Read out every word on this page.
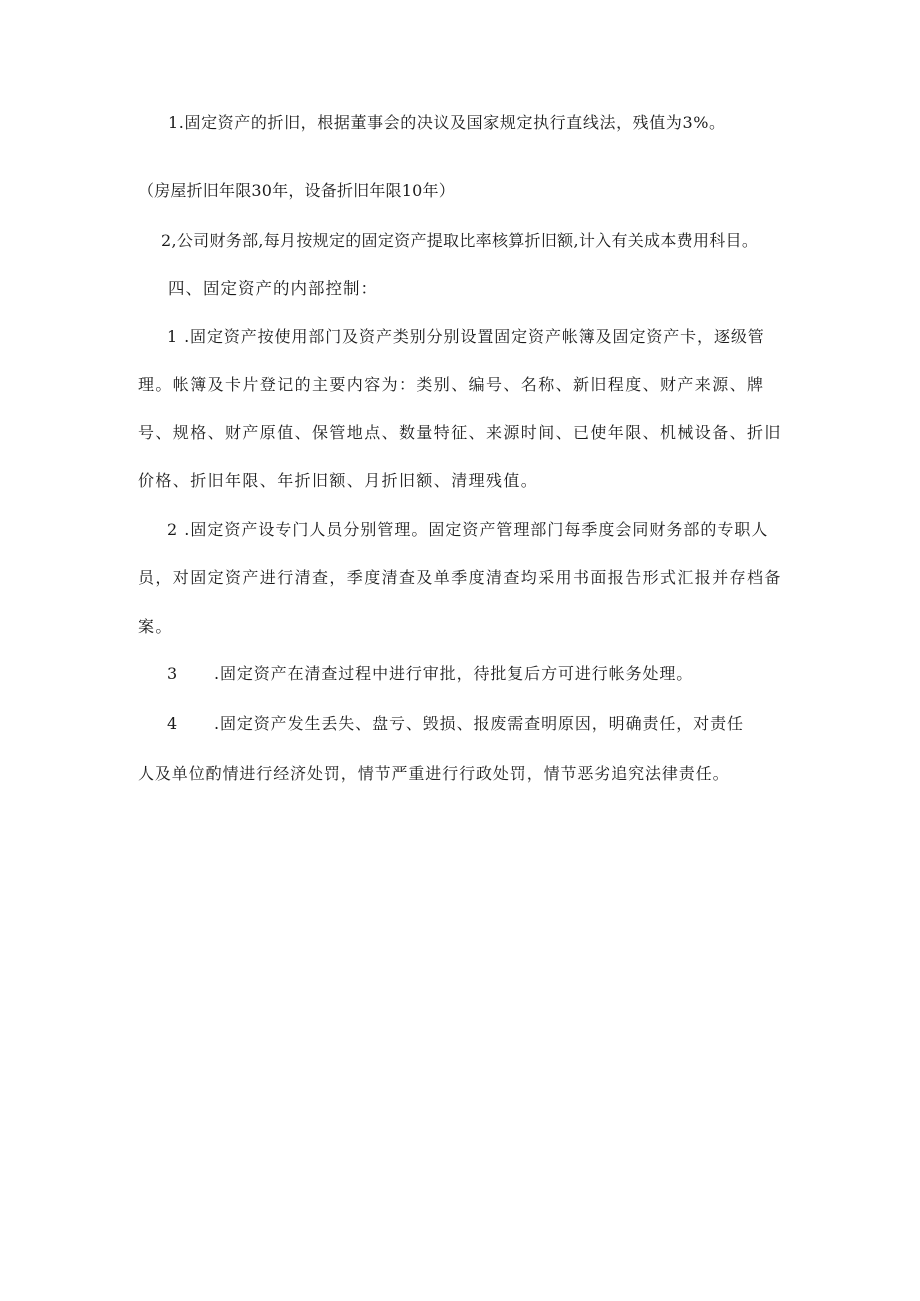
1.固定资产的折旧，根据董事会的决议及国家规定执行直线法，残值为3%。
（房屋折旧年限30年，设备折旧年限10年）
2,公司财务部,每月按规定的固定资产提取比率核算折旧额,计入有关成本费用科目。
四、固定资产的内部控制：
1 .固定资产按使用部门及资产类别分别设置固定资产帐簿及固定资产卡，逐级管
理。帐簿及卡片登记的主要内容为：类别、编号、名称、新旧程度、财产来源、牌
号、规格、财产原值、保管地点、数量特征、来源时间、已使年限、机械设备、折旧
价格、折旧年限、年折旧额、月折旧额、清理残值。
2 .固定资产设专门人员分别管理。固定资产管理部门每季度会同财务部的专职人
员，对固定资产进行清查，季度清查及单季度清查均采用书面报告形式汇报并存档备
案。
3      .固定资产在清查过程中进行审批，待批复后方可进行帐务处理。
4      .固定资产发生丢失、盘亏、毁损、报废需查明原因，明确责任，对责任
人及单位酌情进行经济处罚，情节严重进行行政处罚，情节恶劣追究法律责任。
